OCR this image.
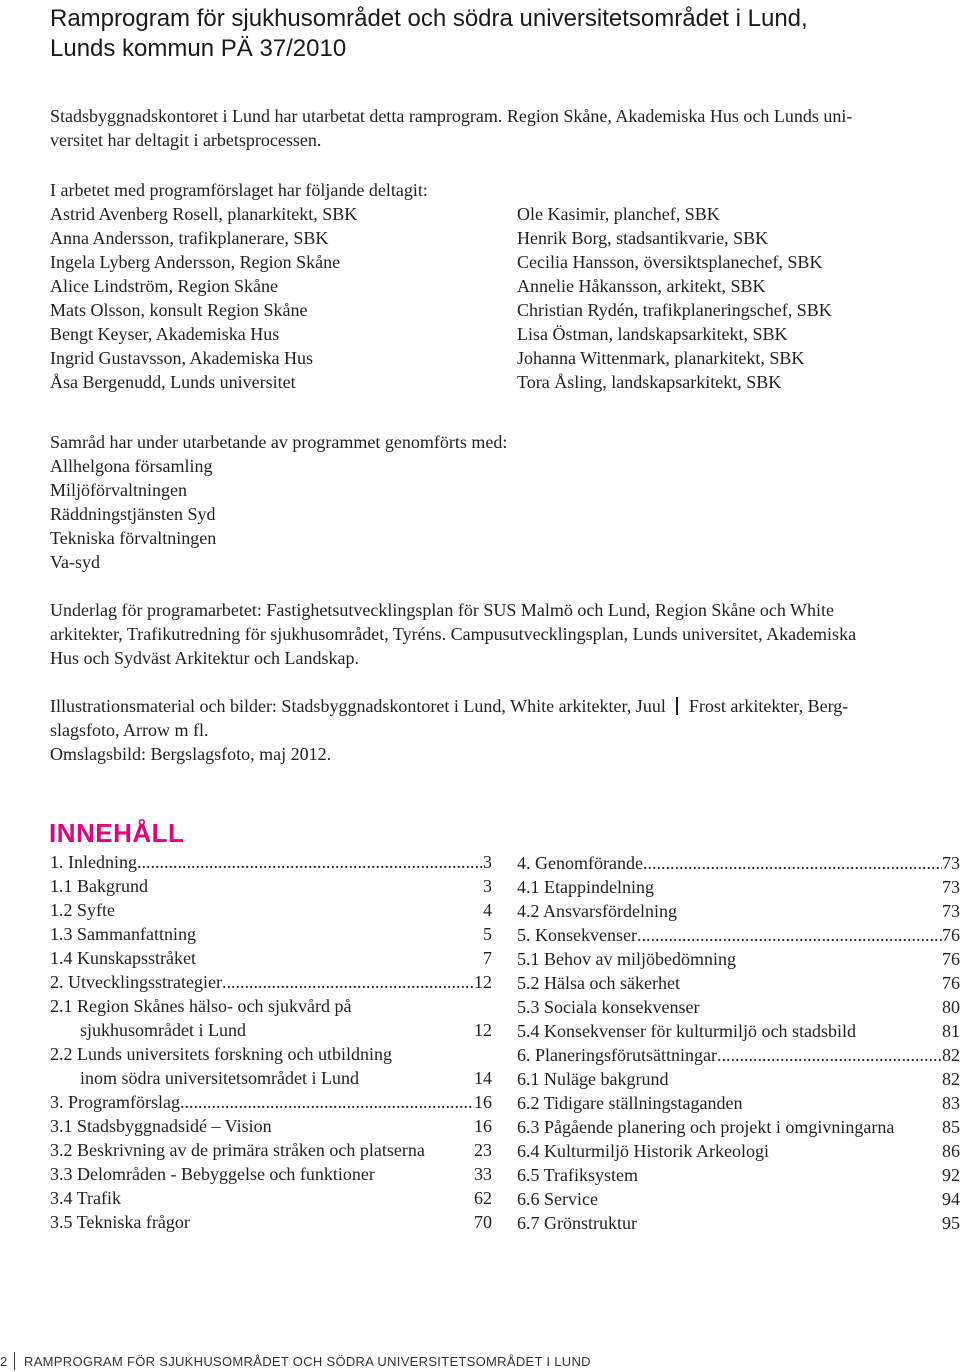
Ramprogram för sjukhusområdet och södra universitetsområdet i Lund,
Lunds kommun PÄ 37/2010
Stadsbyggnadskontoret i Lund har utarbetat detta ramprogram. Region Skåne, Akademiska Hus och Lunds uni-
versitet har deltagit i arbetsprocessen.
I arbetet med programförslaget har följande deltagit:
Astrid Avenberg Rosell, planarkitekt, SBK
Anna Andersson, trafikplanerare, SBK
Ingela Lyberg Andersson, Region Skåne
Alice Lindström, Region Skåne
Mats Olsson, konsult Region Skåne
Bengt Keyser, Akademiska Hus
Ingrid Gustavsson, Akademiska Hus
Åsa Bergenudd, Lunds universitet
Ole Kasimir, planchef, SBK
Henrik Borg, stadsantikvarie, SBK
Cecilia Hansson, översiktsplanechef, SBK
Annelie Håkansson, arkitekt, SBK
Christian Rydén, trafikplaneringschef, SBK
Lisa Östman, landskapsarkitekt, SBK
Johanna Wittenmark, planarkitekt, SBK
Tora Åsling, landskapsarkitekt, SBK
Samråd har under utarbetande av programmet genomförts med:
Allhelgona församling
Miljöförvaltningen
Räddningstjänsten Syd
Tekniska förvaltningen
Va-syd
Underlag för programarbetet: Fastighetsutvecklingsplan för SUS Malmö och Lund, Region Skåne och White
arkitekter, Trafikutredning för sjukhusområdet, Tyréns. Campusutvecklingsplan, Lunds universitet, Akademiska
Hus och Sydväst Arkitektur och Landskap.
Illustrationsmaterial och bilder: Stadsbyggnadskontoret i Lund, White arkitekter, Juul Frost arkitekter, Berg-
slagsfoto, Arrow m fl.
Omslagsbild: Bergslagsfoto, maj 2012.
INNEHÅLL
1. Inledning .....	3
1.1 Bakgrund	3
1.2 Syfte	4
1.3 Sammanfattning	5
1.4 Kunskapsstråket	7
2. Utvecklingsstrategier .....	12
2.1 Region Skånes hälso- och sjukvård på
sjukhusområdet i Lund	12
2.2 Lunds universitets forskning och utbildning
inom södra universitetsområdet i Lund	14
3. Programförslag .....	16
3.1 Stadsbyggnadsidé – Vision	16
3.2 Beskrivning av de primära stråken och platserna	23
3.3 Delområden - Bebyggelse och funktioner	33
3.4 Trafik	62
3.5 Tekniska frågor	70
4. Genomförande .....	73
4.1 Etappindelning	73
4.2 Ansvarsfördelning	73
5. Konsekvenser .....	76
5.1 Behov av miljöbedömning	76
5.2 Hälsa och säkerhet	76
5.3 Sociala konsekvenser	80
5.4 Konsekvenser för kulturmiljö och stadsbild	81
6. Planeringsförutsättningar .....	82
6.1 Nuläge bakgrund	82
6.2 Tidigare ställningstaganden	83
6.3 Pågående planering och projekt i omgivningarna	85
6.4 Kulturmiljö Historik Arkeologi	86
6.5 Trafiksystem	92
6.6 Service	94
6.7 Grönstruktur	95
2 RAMPROGRAM FÖR SJUKHUSOMRÅDET OCH SÖDRA UNIVERSITETSOMRÅDET I LUND
